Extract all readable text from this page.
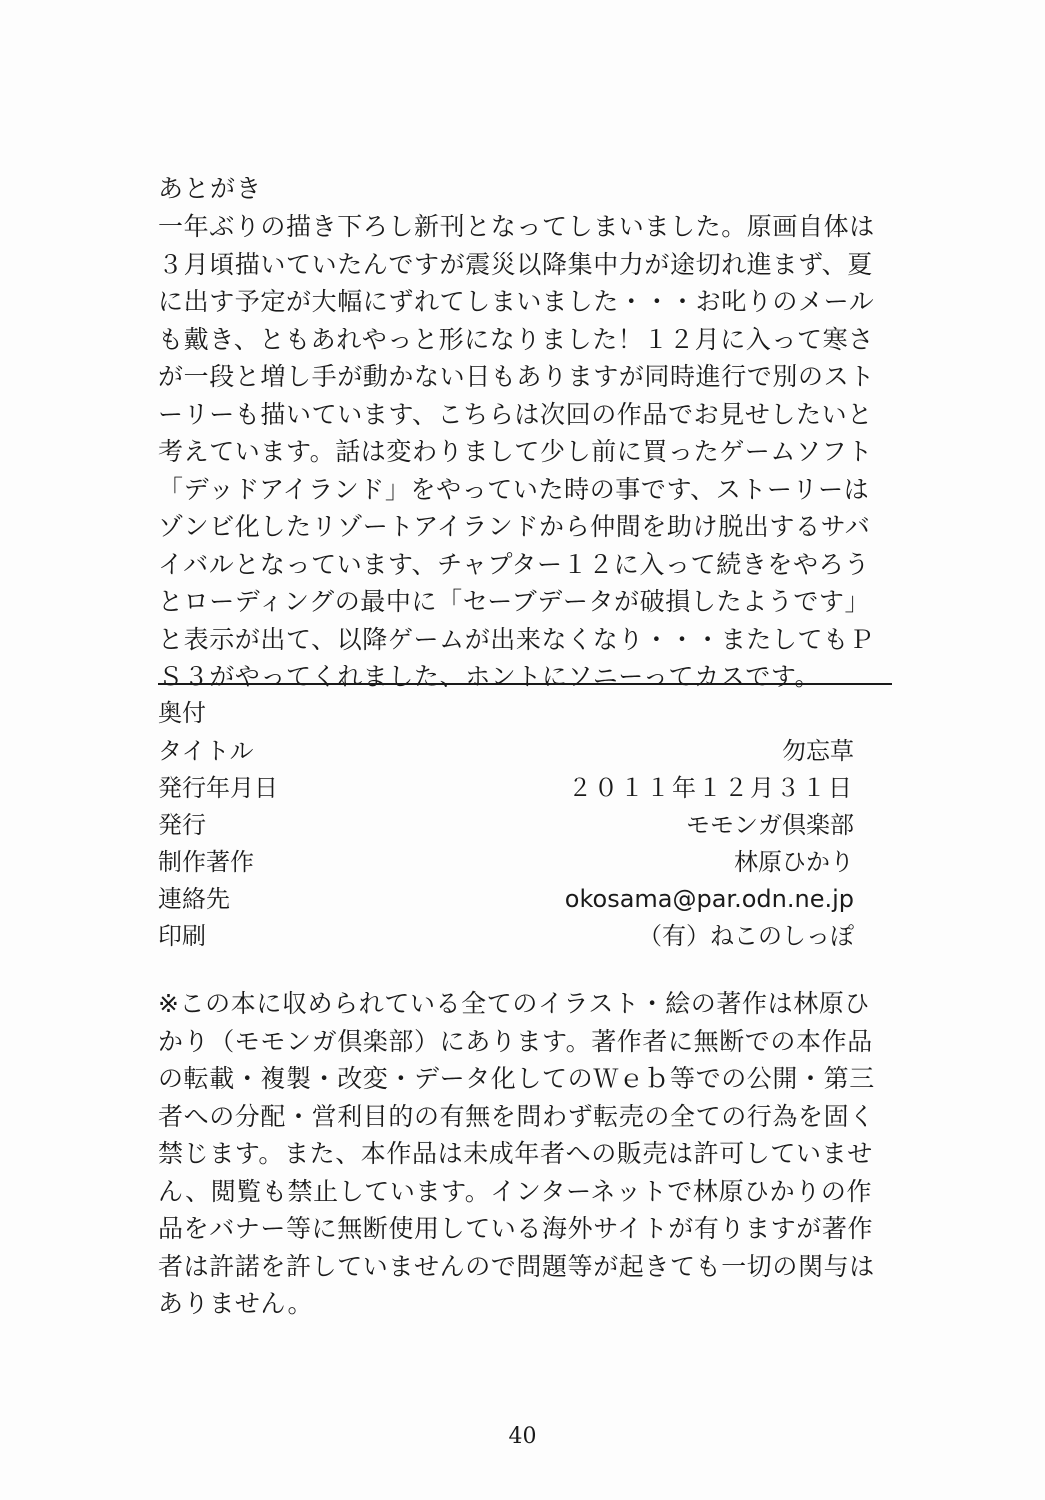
あとがき
一年ぶりの描き下ろし新刊となってしまいました。原画自体は
３月頃描いていたんですが震災以降集中力が途切れ進まず、夏
に出す予定が大幅にずれてしまいました・・・お叱りのメール
も戴き、ともあれやっと形になりました！１２月に入って寒さ
が一段と増し手が動かない日もありますが同時進行で別のスト
ーリーも描いています、こちらは次回の作品でお見せしたいと
考えています。話は変わりまして少し前に買ったゲームソフト
「デッドアイランド」をやっていた時の事です、ストーリーは
ゾンビ化したリゾートアイランドから仲間を助け脱出するサバ
イバルとなっています、チャプター１２に入って続きをやろう
とローディングの最中に「セーブデータが破損したようです」
と表示が出て、以降ゲームが出来なくなり・・・またしてもＰ
Ｓ３がやってくれました、ホントにソニーってカスです。
奥付
タイトル	勿忘草
発行年月日	２０１１年１２月３１日
発行	モモンガ倶楽部
制作著作	林原ひかり
連絡先	okosama@par.odn.ne.jp
印刷	（有）ねこのしっぽ
※この本に収められている全てのイラスト・絵の著作は林原ひ
かり（モモンガ倶楽部）にあります。著作者に無断での本作品
の転載・複製・改変・データ化してのＷｅｂ等での公開・第三
者への分配・営利目的の有無を問わず転売の全ての行為を固く
禁じます。また、本作品は未成年者への販売は許可していませ
ん、閲覧も禁止しています。インターネットで林原ひかりの作
品をバナー等に無断使用している海外サイトが有りますが著作
者は許諾を許していませんので問題等が起きても一切の関与は
ありません。
40
